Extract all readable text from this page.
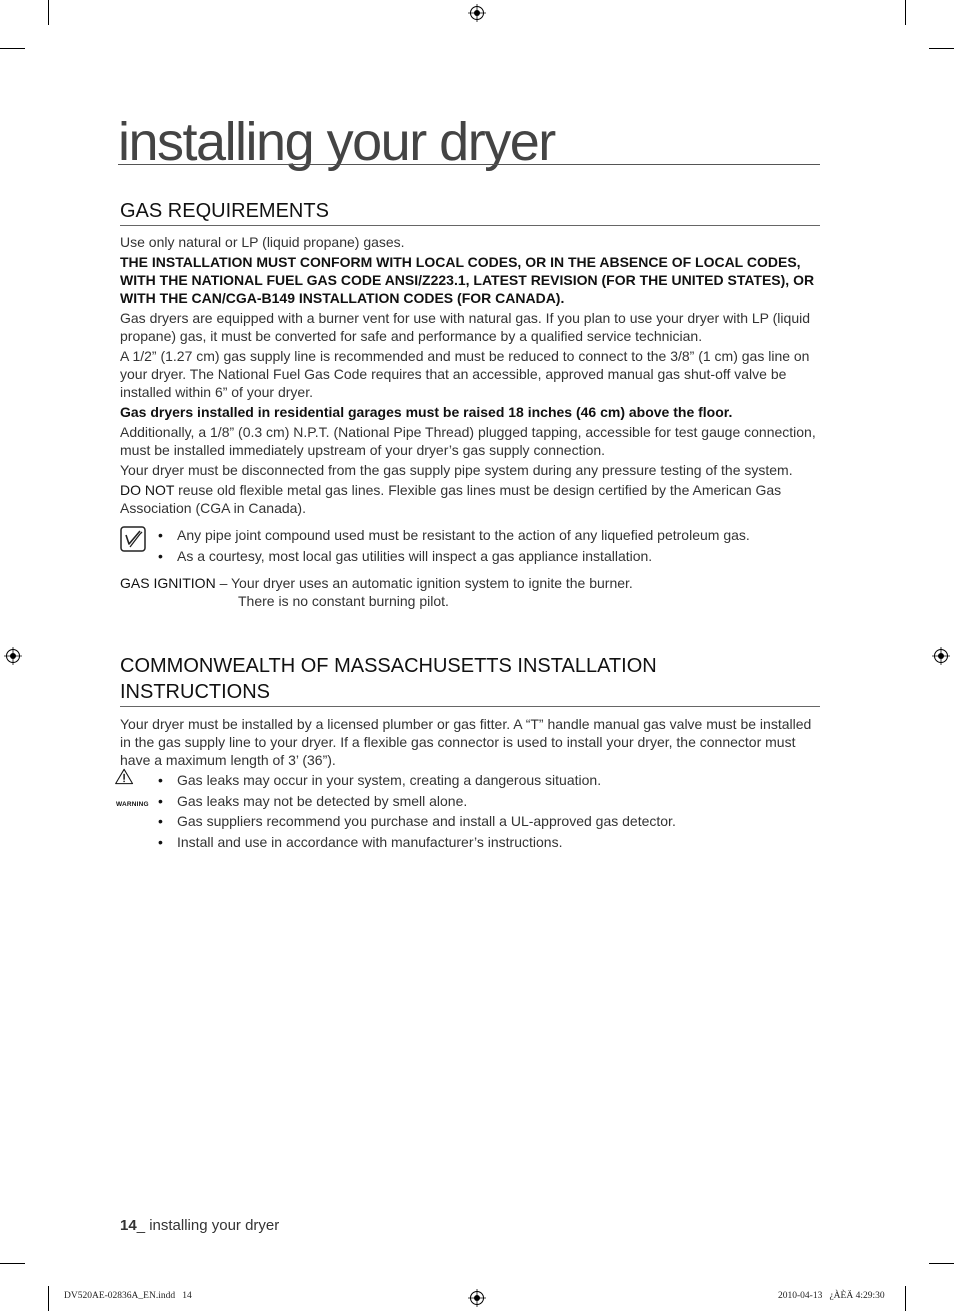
installing your dryer
GAS REQUIREMENTS

Use only natural or LP (liquid propane) gases.

THE INSTALLATION MUST CONFORM WITH LOCAL CODES, OR IN THE ABSENCE OF LOCAL CODES, WITH THE NATIONAL FUEL GAS CODE ANSI/Z223.1, LATEST REVISION (FOR THE UNITED STATES), OR WITH THE CAN/CGA-B149 INSTALLATION CODES (FOR CANADA).

Gas dryers are equipped with a burner vent for use with natural gas. If you plan to use your dryer with LP (liquid propane) gas, it must be converted for safe and performance by a qualified service technician.

A 1/2” (1.27 cm) gas supply line is recommended and must be reduced to connect to the 3/8” (1 cm) gas line on your dryer. The National Fuel Gas Code requires that an accessible, approved manual gas shut-off valve be installed within 6” of your dryer.

Gas dryers installed in residential garages must be raised 18 inches (46 cm) above the floor.

Additionally, a 1/8” (0.3 cm) N.P.T. (National Pipe Thread) plugged tapping, accessible for test gauge connection, must be installed immediately upstream of your dryer’s gas supply connection.

Your dryer must be disconnected from the gas supply pipe system during any pressure testing of the system.

DO NOT reuse old flexible metal gas lines. Flexible gas lines must be design certified by the American Gas Association (CGA in Canada).

• Any pipe joint compound used must be resistant to the action of any liquefied petroleum gas.
• As a courtesy, most local gas utilities will inspect a gas appliance installation.
GAS IGNITION – Your dryer uses an automatic ignition system to ignite the burner.
There is no constant burning pilot.
COMMONWEALTH OF MASSACHUSETTS INSTALLATION
INSTRUCTIONS

Your dryer must be installed by a licensed plumber or gas fitter. A “T” handle manual gas valve must be installed in the gas supply line to your dryer. If a flexible gas connector is used to install your dryer, the connector must have a maximum length of 3’ (36”).

WARNING
• Gas leaks may occur in your system, creating a dangerous situation.
• Gas leaks may not be detected by smell alone.
• Gas suppliers recommend you purchase and install a UL-approved gas detector.
• Install and use in accordance with manufacturer’s instructions.
14_ installing your dryer
DV520AE-02836A_EN.indd   14	2010-04-13   ¿ÀÈÄ 4:29:30
